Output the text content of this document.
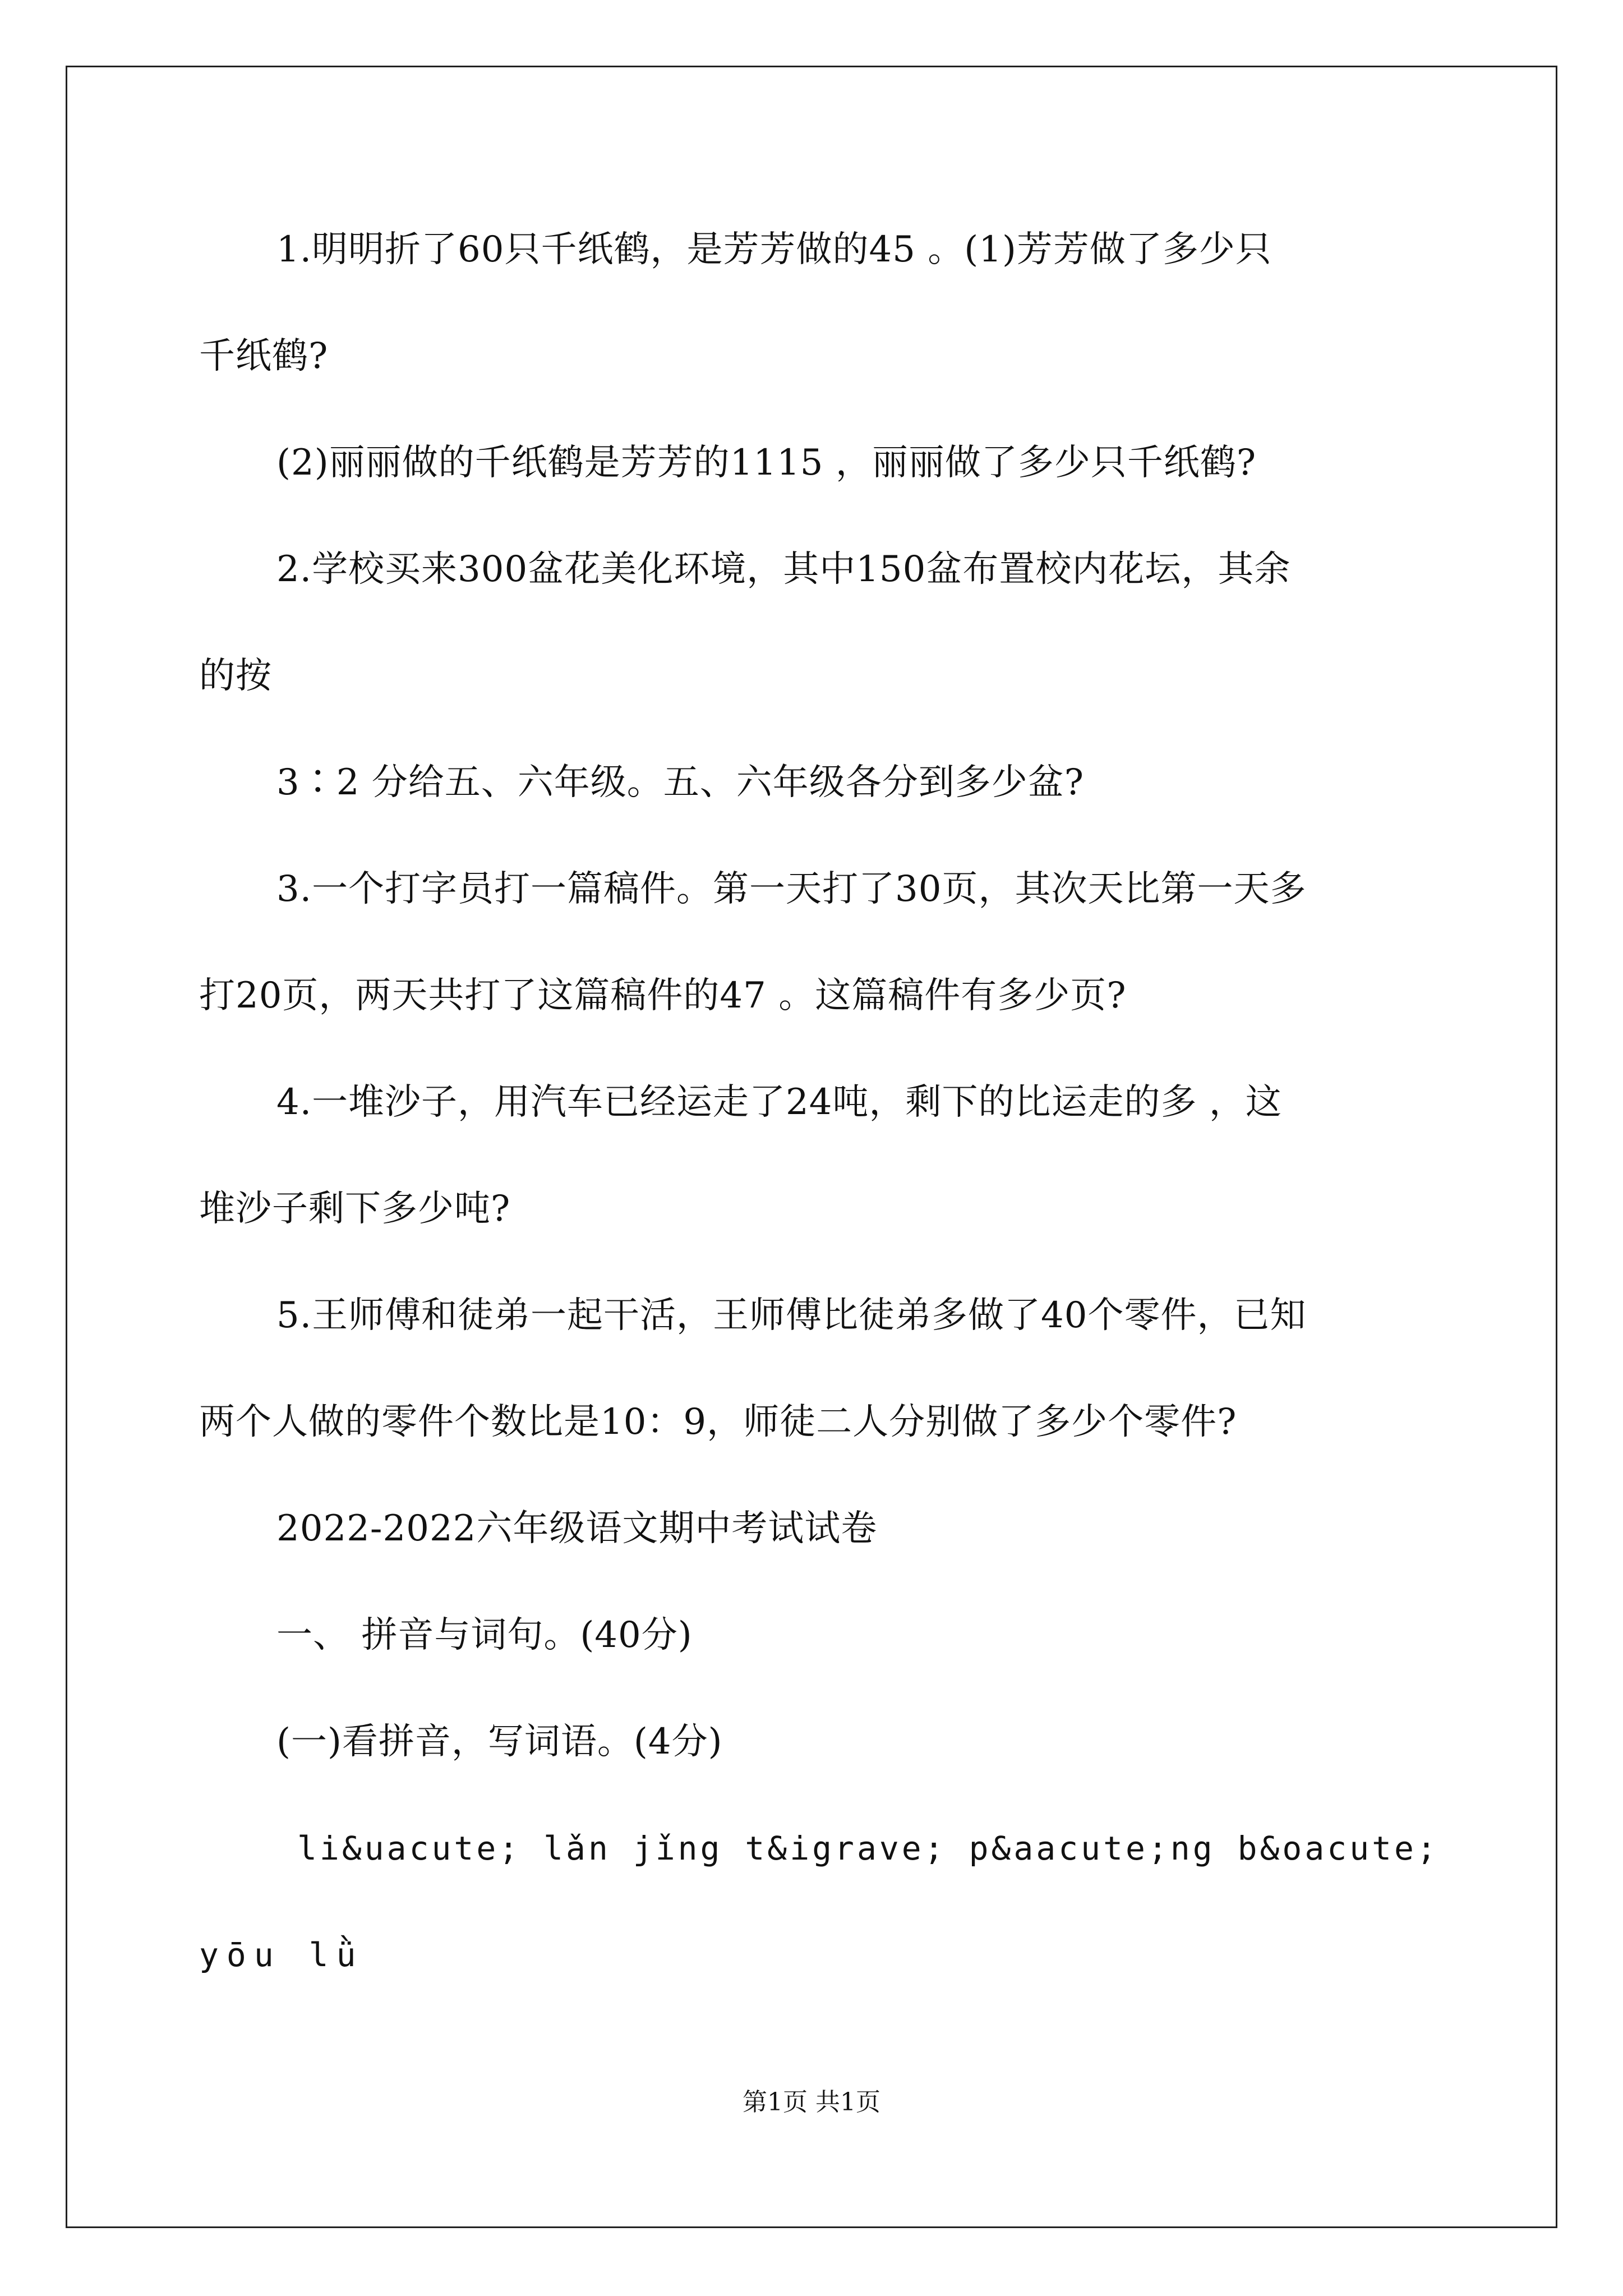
1.明明折了60只千纸鹤，是芳芳做的45 。(1)芳芳做了多少只
千纸鹤?
(2)丽丽做的千纸鹤是芳芳的1115 ，丽丽做了多少只千纸鹤?
2.学校买来300盆花美化环境，其中150盆布置校内花坛，其余
的按
3∶2 分给五、六年级。五、六年级各分到多少盆?
3.一个打字员打一篇稿件。第一天打了30页，其次天比第一天多
打20页，两天共打了这篇稿件的47 。这篇稿件有多少页?
4.一堆沙子，用汽车已经运走了24吨，剩下的比运走的多 ，这
堆沙子剩下多少吨?
5.王师傅和徒弟一起干活，王师傅比徒弟多做了40个零件，已知
两个人做的零件个数比是10：9，师徒二人分别做了多少个零件?
2022-2022六年级语文期中考试试卷
一、 拼音与词句。(40分)
(一)看拼音，写词语。(4分)
li&uacute; lǎn jǐng t&igrave; p&aacute;ng b&oacute;
yōu lǜ
第1页 共1页
